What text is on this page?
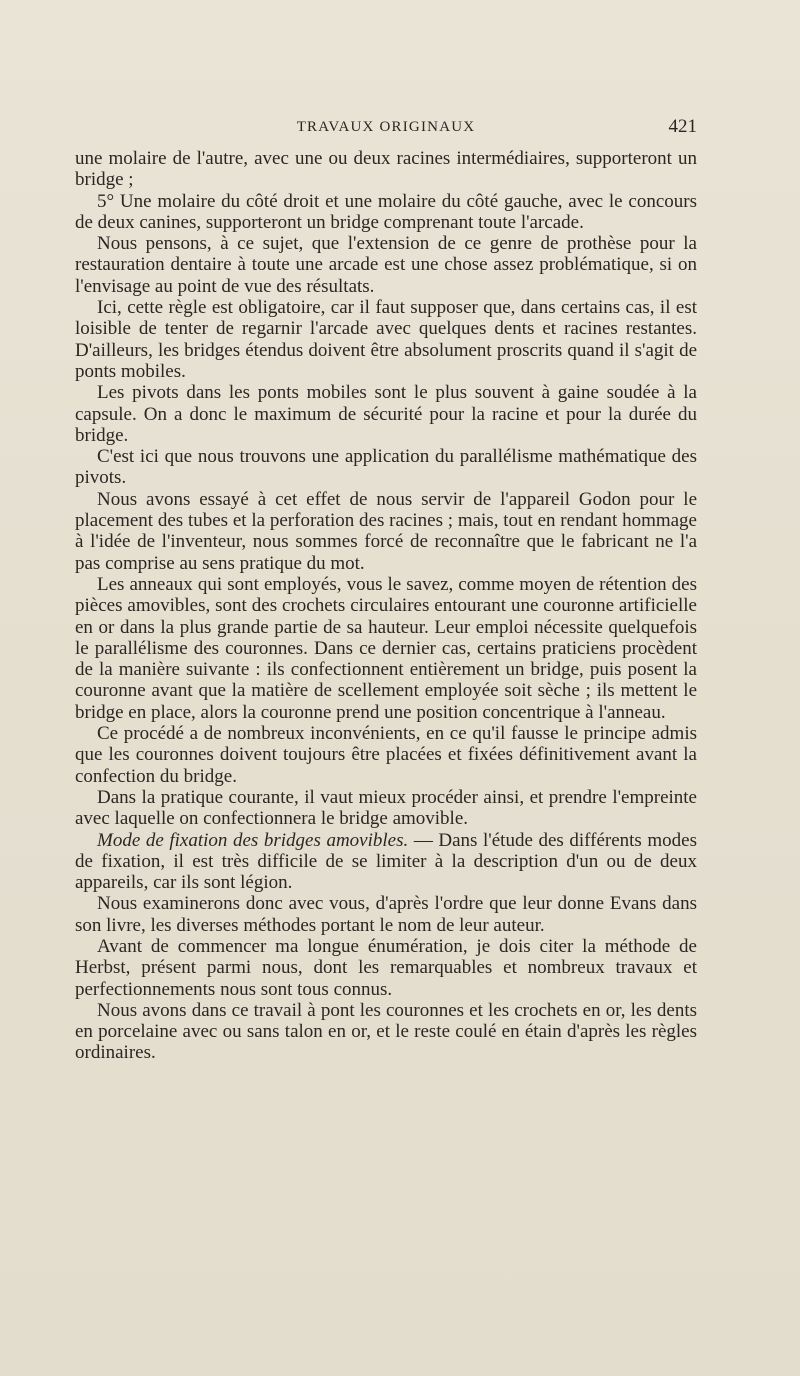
TRAVAUX ORIGINAUX	421

une molaire de l'autre, avec une ou deux racines intermédiaires, supporteront un bridge ;

5° Une molaire du côté droit et une molaire du côté gauche, avec le concours de deux canines, supporteront un bridge comprenant toute l'arcade.

Nous pensons, à ce sujet, que l'extension de ce genre de prothèse pour la restauration dentaire à toute une arcade est une chose assez problématique, si on l'envisage au point de vue des résultats.

Ici, cette règle est obligatoire, car il faut supposer que, dans certains cas, il est loisible de tenter de regarnir l'arcade avec quelques dents et racines restantes. D'ailleurs, les bridges étendus doivent être absolument proscrits quand il s'agit de ponts mobiles.

Les pivots dans les ponts mobiles sont le plus souvent à gaine soudée à la capsule. On a donc le maximum de sécurité pour la racine et pour la durée du bridge.

C'est ici que nous trouvons une application du parallélisme mathématique des pivots.

Nous avons essayé à cet effet de nous servir de l'appareil Godon pour le placement des tubes et la perforation des racines ; mais, tout en rendant hommage à l'idée de l'inventeur, nous sommes forcé de reconnaître que le fabricant ne l'a pas comprise au sens pratique du mot.

Les anneaux qui sont employés, vous le savez, comme moyen de rétention des pièces amovibles, sont des crochets circulaires entourant une couronne artificielle en or dans la plus grande partie de sa hauteur. Leur emploi nécessite quelquefois le parallélisme des couronnes. Dans ce dernier cas, certains praticiens procèdent de la manière suivante : ils confectionnent entièrement un bridge, puis posent la couronne avant que la matière de scellement employée soit sèche ; ils mettent le bridge en place, alors la couronne prend une position concentrique à l'anneau.

Ce procédé a de nombreux inconvénients, en ce qu'il fausse le principe admis que les couronnes doivent toujours être placées et fixées définitivement avant la confection du bridge.

Dans la pratique courante, il vaut mieux procéder ainsi, et prendre l'empreinte avec laquelle on confectionnera le bridge amovible.

Mode de fixation des bridges amovibles. — Dans l'étude des différents modes de fixation, il est très difficile de se limiter à la description d'un ou de deux appareils, car ils sont légion.

Nous examinerons donc avec vous, d'après l'ordre que leur donne Evans dans son livre, les diverses méthodes portant le nom de leur auteur.

Avant de commencer ma longue énumération, je dois citer la méthode de Herbst, présent parmi nous, dont les remarquables et nombreux travaux et perfectionnements nous sont tous connus.

Nous avons dans ce travail à pont les couronnes et les crochets en or, les dents en porcelaine avec ou sans talon en or, et le reste coulé en étain d'après les règles ordinaires.
